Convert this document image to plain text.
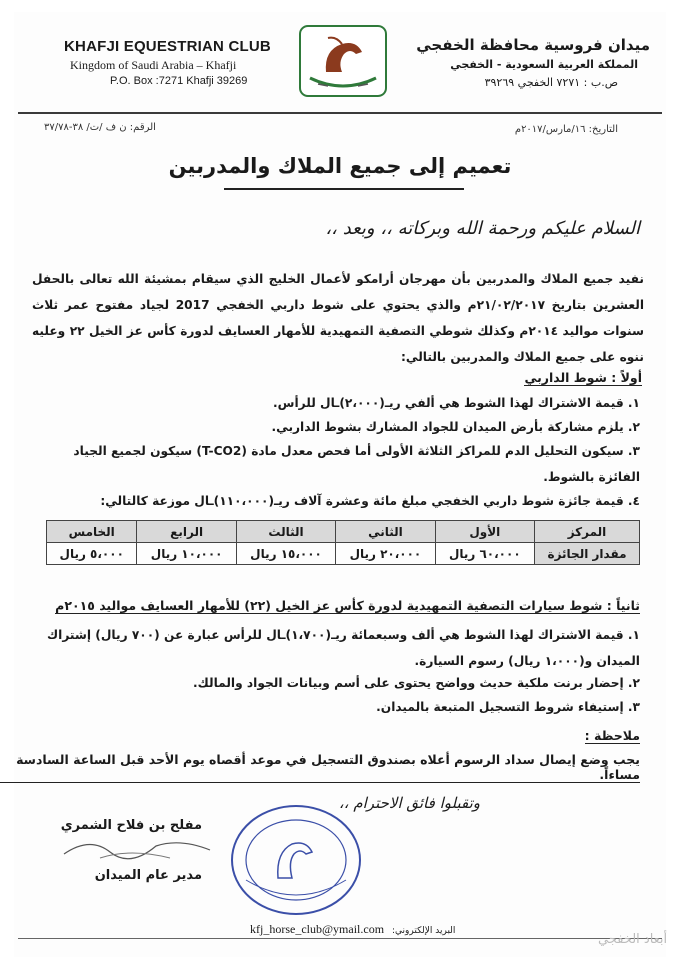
KHAFJI EQUESTRIAN CLUB
Kingdom of Saudi Arabia – Khafji
P.O. Box :7271 Khafji 39269
ميدان فروسية محافظة الخفجي
المملكة العربية السعودية - الخفجي
ص.ب : ٧٢٧١ الخفجي ٣٩٢٦٩
الرقم: ن ف /ت/ ٣٨-٣٧/٧٨	التاريخ: ١٦/مارس/٢٠١٧م
تعميم إلى جميع الملاك والمدربين
السلام عليكم ورحمة الله وبركاته ،، وبعد ،،
نفيد جميع الملاك والمدربين بأن مهرجان أرامكو لأعمال الخليج الذي سيقام بمشيئة الله تعالى بالحفل العشرين بتاريخ ٢١/٠٢/٢٠١٧م والذي يحتوي على شوط داربي الخفجي 2017 لجياد مفتوح عمر ثلاث سنوات مواليد ٢٠١٤م وكذلك شوطي التصفية التمهيدية للأمهار العسايف لدورة كأس عز الخيل ٢٢ وعليه ننوه على جميع الملاك والمدربين بالتالي:
أولاً : شوط الداربي
١. قيمة الاشتراك لهذا الشوط هي ألفي ريـ(٢،٠٠٠)ـال للرأس.
٢. يلزم مشاركة بأرض الميدان للجواد المشارك بشوط الداربي.
٣. سيكون التحليل الدم للمراكز الثلاثة الأولى أما فحص معدل مادة (T-CO2) سيكون لجميع الجياد الفائزة بالشوط.
٤. قيمة جائزة شوط داربي الخفجي مبلغ مائة وعشرة آلاف ريـ(١١٠،٠٠٠)ـال موزعة كالتالي:
المركز	الأول	الثاني	الثالث	الرابع	الخامس
مقدار الجائزة	٦٠،٠٠٠ ريال	٢٠،٠٠٠ ريال	١٥،٠٠٠ ريال	١٠،٠٠٠ ريال	٥،٠٠٠ ريال
ثانياً : شوط سيارات التصفية التمهيدية لدورة كأس عز الخيل (٢٢) للأمهار العسايف مواليد ٢٠١٥م
١. قيمة الاشتراك لهذا الشوط هي ألف وسبعمائة ريـ(١،٧٠٠)ـال للرأس عبارة عن (٧٠٠ ريال) إشتراك الميدان و(١،٠٠٠ ريال) رسوم السيارة.
٢. إحضار برنت ملكية حديث وواضح يحتوى على أسم وبيانات الجواد والمالك.
٣. إستيفاء شروط التسجيل المتبعة بالميدان.
ملاحظة :
يجب وضع إيصال سداد الرسوم أعلاه بصندوق التسجيل في موعد أقصاه يوم الأحد قبل الساعة السادسة مساءاً.
وتقبلوا فائق الاحترام ،،
مفلح بن فلاح الشمري
مدير عام الميدان
kfj_horse_club@ymail.com البريد الإلكتروني:
أبعاد الخفجي
